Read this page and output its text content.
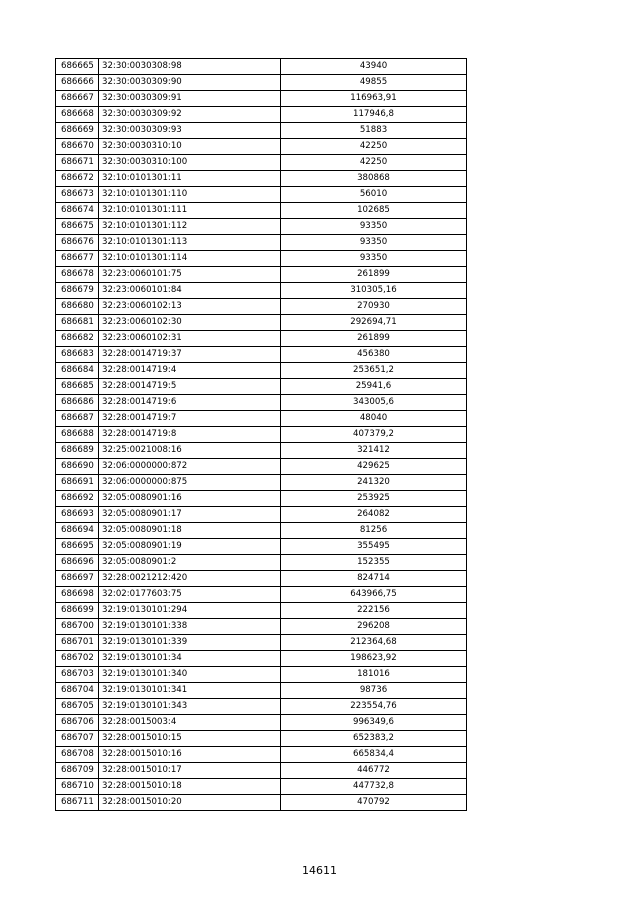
686665	32:30:0030308:98	43940
686666	32:30:0030309:90	49855
686667	32:30:0030309:91	116963,91
686668	32:30:0030309:92	117946,8
686669	32:30:0030309:93	51883
686670	32:30:0030310:10	42250
686671	32:30:0030310:100	42250
686672	32:10:0101301:11	380868
686673	32:10:0101301:110	56010
686674	32:10:0101301:111	102685
686675	32:10:0101301:112	93350
686676	32:10:0101301:113	93350
686677	32:10:0101301:114	93350
686678	32:23:0060101:75	261899
686679	32:23:0060101:84	310305,16
686680	32:23:0060102:13	270930
686681	32:23:0060102:30	292694,71
686682	32:23:0060102:31	261899
686683	32:28:0014719:37	456380
686684	32:28:0014719:4	253651,2
686685	32:28:0014719:5	25941,6
686686	32:28:0014719:6	343005,6
686687	32:28:0014719:7	48040
686688	32:28:0014719:8	407379,2
686689	32:25:0021008:16	321412
686690	32:06:0000000:872	429625
686691	32:06:0000000:875	241320
686692	32:05:0080901:16	253925
686693	32:05:0080901:17	264082
686694	32:05:0080901:18	81256
686695	32:05:0080901:19	355495
686696	32:05:0080901:2	152355
686697	32:28:0021212:420	824714
686698	32:02:0177603:75	643966,75
686699	32:19:0130101:294	222156
686700	32:19:0130101:338	296208
686701	32:19:0130101:339	212364,68
686702	32:19:0130101:34	198623,92
686703	32:19:0130101:340	181016
686704	32:19:0130101:341	98736
686705	32:19:0130101:343	223554,76
686706	32:28:0015003:4	996349,6
686707	32:28:0015010:15	652383,2
686708	32:28:0015010:16	665834,4
686709	32:28:0015010:17	446772
686710	32:28:0015010:18	447732,8
686711	32:28:0015010:20	470792
14611
